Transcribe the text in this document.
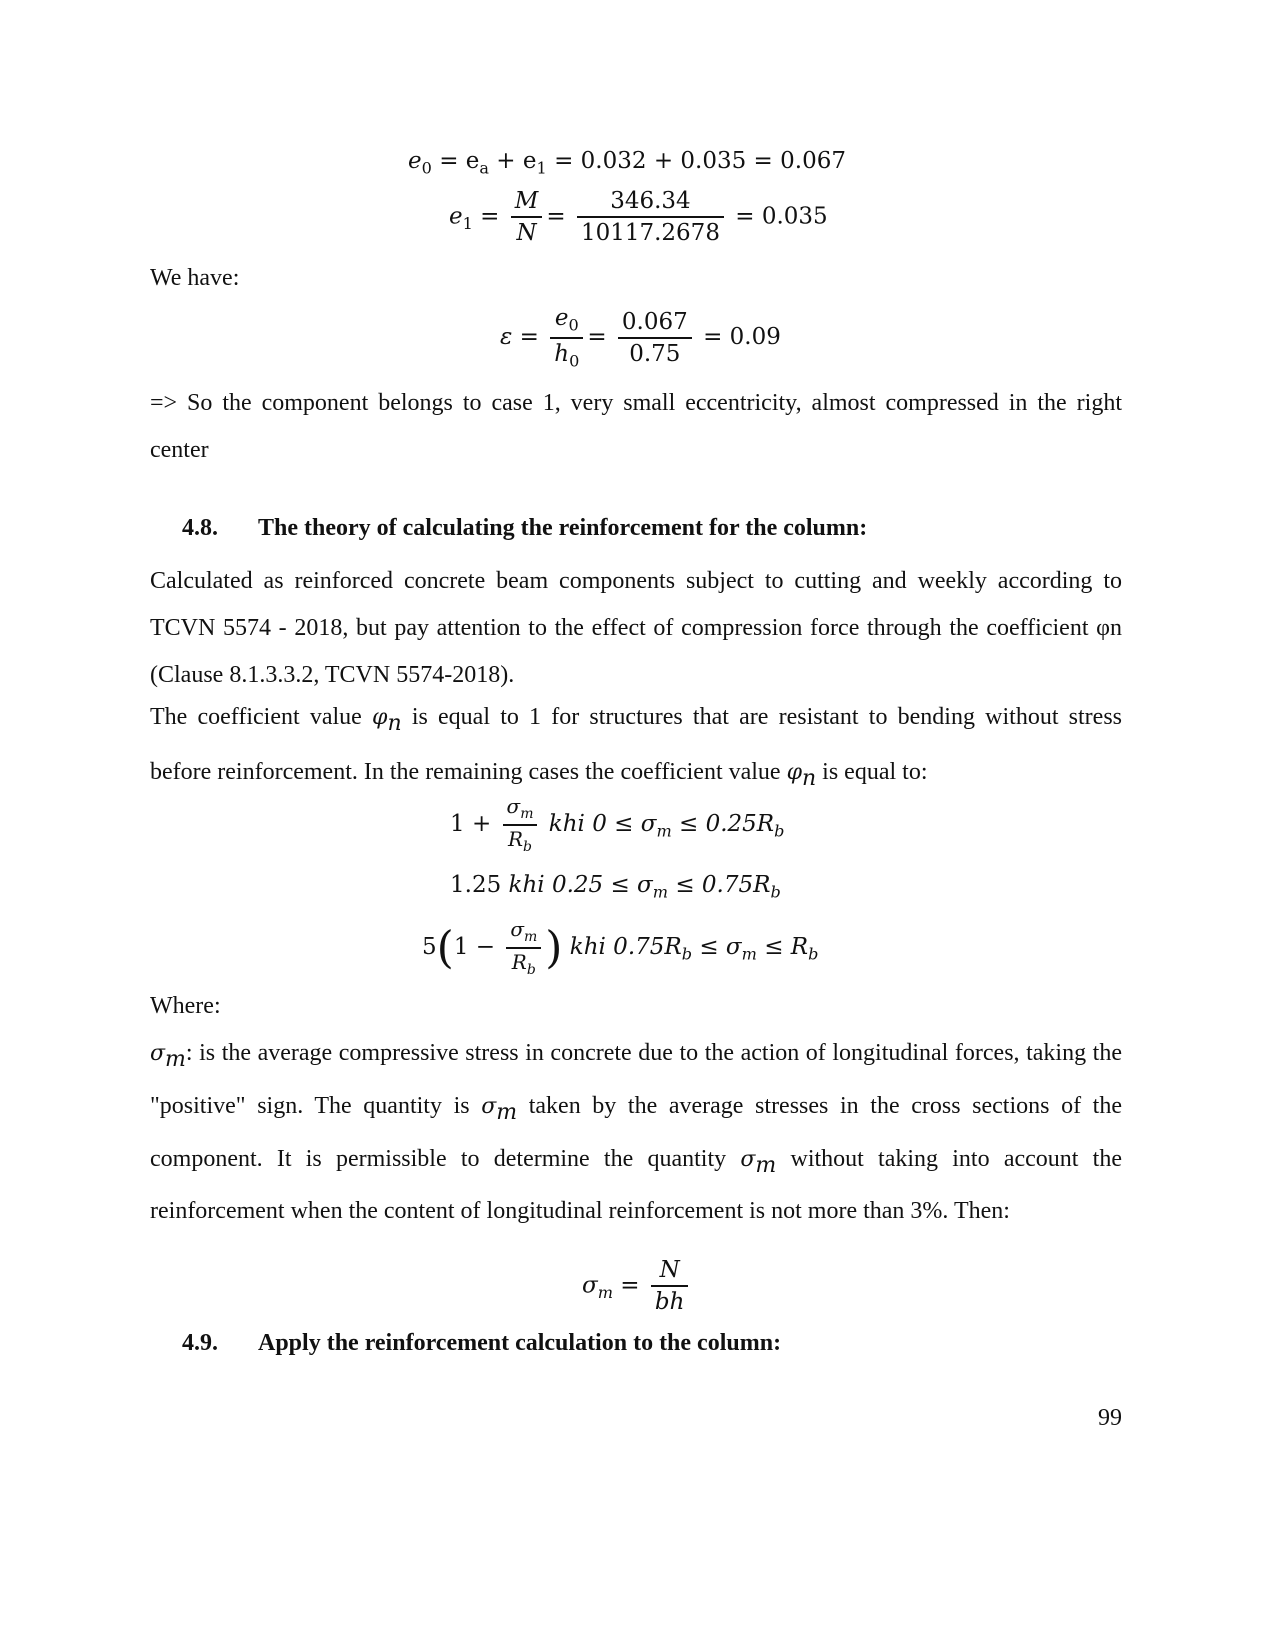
$e_0 = e_a + e_1 = 0.032 + 0.035 = 0.067$
$e_1 = \frac{M}{N} = \frac{346.34}{10117.2678} = 0.035$
We have:
$\varepsilon = \frac{e_0}{h_0} = \frac{0.067}{0.75} = 0.09$
=> So the component belongs to case 1, very small eccentricity, almost compressed in the right center
4.8. The theory of calculating the reinforcement for the column:
Calculated as reinforced concrete beam components subject to cutting and weekly according to TCVN 5574 - 2018, but pay attention to the effect of compression force through the coefficient φn (Clause 8.1.3.3.2, TCVN 5574-2018).
The coefficient value $\varphi_n$ is equal to 1 for structures that are resistant to bending without stress before reinforcement. In the remaining cases the coefficient value $\varphi_n$ is equal to:
$1 + \frac{\sigma_m}{R_b}$ khi $0 \le \sigma_m \le 0.25R_b$
1.25 khi $0.25 \le \sigma_m \le 0.75R_b$
$5(1 - \frac{\sigma_m}{R_b}$ ) khi $0.75R_b \le \sigma_m \le R_b$
Where:
$\sigma_m$: is the average compressive stress in concrete due to the action of longitudinal forces, taking the "positive" sign. The quantity is $\sigma_m$ taken by the average stresses in the cross sections of the component. It is permissible to determine the quantity $\sigma_m$ without taking into account the reinforcement when the content of longitudinal reinforcement is not more than 3%. Then:
$\sigma_m = \frac{N}{bh}$
4.9. Apply the reinforcement calculation to the column:
99
